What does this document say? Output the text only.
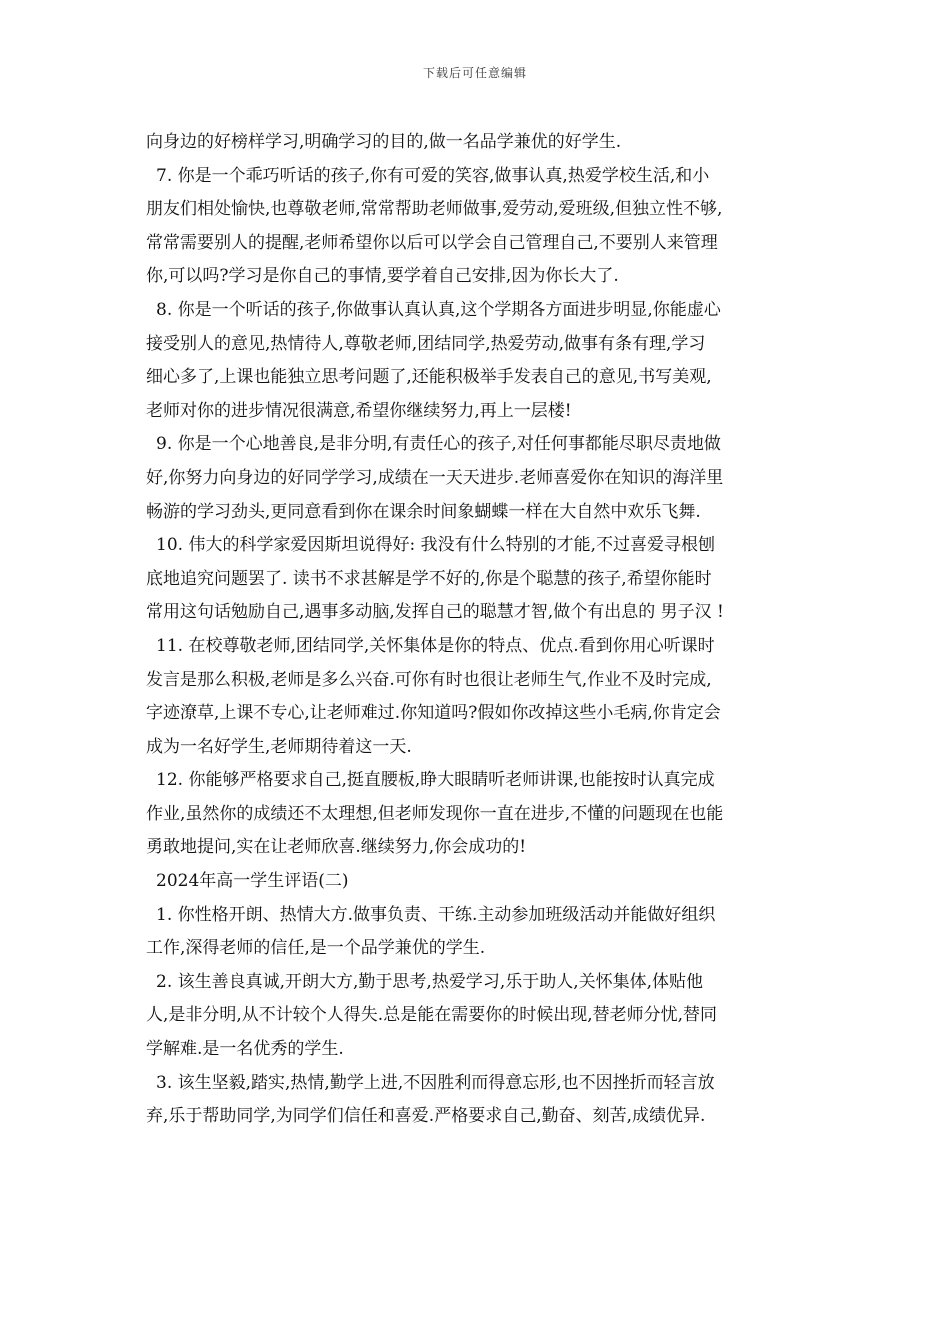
下载后可任意编辑
向身边的好榜样学习,明确学习的目的,做一名品学兼优的好学生.
7. 你是一个乖巧听话的孩子,你有可爱的笑容,做事认真,热爱学校生活,和小
朋友们相处愉快,也尊敬老师,常常帮助老师做事,爱劳动,爱班级,但独立性不够,
常常需要别人的提醒,老师希望你以后可以学会自己管理自己,不要别人来管理
你,可以吗?学习是你自己的事情,要学着自己安排,因为你长大了.
8. 你是一个听话的孩子,你做事认真认真,这个学期各方面进步明显,你能虚心
接受别人的意见,热情待人,尊敬老师,团结同学,热爱劳动,做事有条有理,学习
细心多了,上课也能独立思考问题了,还能积极举手发表自己的意见,书写美观,
老师对你的进步情况很满意,希望你继续努力,再上一层楼!
9. 你是一个心地善良,是非分明,有责任心的孩子,对任何事都能尽职尽责地做
好,你努力向身边的好同学学习,成绩在一天天进步.老师喜爱你在知识的海洋里
畅游的学习劲头,更同意看到你在课余时间象蝴蝶一样在大自然中欢乐飞舞.
10. 伟大的科学家爱因斯坦说得好: 我没有什么特别的才能,不过喜爱寻根刨
底地追究问题罢了. 读书不求甚解是学不好的,你是个聪慧的孩子,希望你能时
常用这句话勉励自己,遇事多动脑,发挥自己的聪慧才智,做个有出息的 男子汉 !
11. 在校尊敬老师,团结同学,关怀集体是你的特点、优点.看到你用心听课时
发言是那么积极,老师是多么兴奋.可你有时也很让老师生气,作业不及时完成,
字迹潦草,上课不专心,让老师难过.你知道吗?假如你改掉这些小毛病,你肯定会
成为一名好学生,老师期待着这一天.
12. 你能够严格要求自己,挺直腰板,睁大眼睛听老师讲课,也能按时认真完成
作业,虽然你的成绩还不太理想,但老师发现你一直在进步,不懂的问题现在也能
勇敢地提问,实在让老师欣喜.继续努力,你会成功的!
2024年高一学生评语(二)
1. 你性格开朗、热情大方.做事负责、干练.主动参加班级活动并能做好组织
工作,深得老师的信任,是一个品学兼优的学生.
2. 该生善良真诚,开朗大方,勤于思考,热爱学习,乐于助人,关怀集体,体贴他
人,是非分明,从不计较个人得失.总是能在需要你的时候出现,替老师分忧,替同
学解难.是一名优秀的学生.
3. 该生坚毅,踏实,热情,勤学上进,不因胜利而得意忘形,也不因挫折而轻言放
弃,乐于帮助同学,为同学们信任和喜爱.严格要求自己,勤奋、刻苦,成绩优异.
